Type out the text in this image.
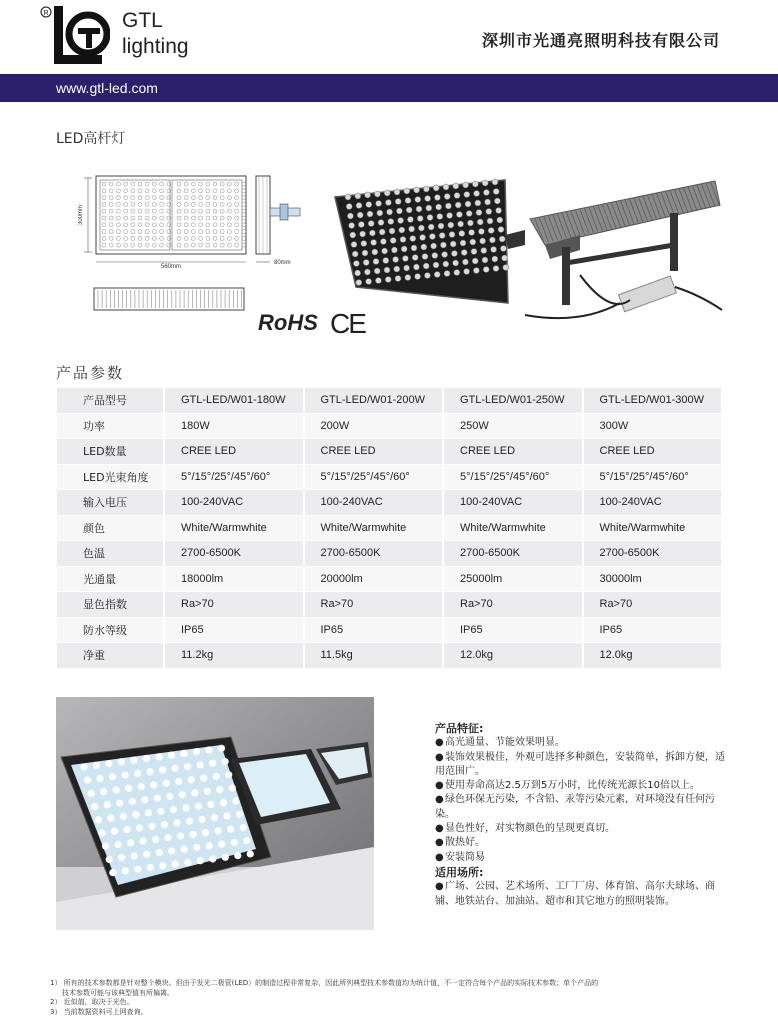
R	GTL
lighting	深圳市光通亮照明科技有限公司
www.gtl-led.com
LED高杆灯
300mm
560mm
80mm
RoHS CE
产品参数
产品型号	GTL-LED/W01-180W	GTL-LED/W01-200W	GTL-LED/W01-250W	GTL-LED/W01-300W
功率	180W	200W	250W	300W
LED数量	CREE LED	CREE LED	CREE LED	CREE LED
LED光束角度	5°/15°/25°/45°/60°	5°/15°/25°/45°/60°	5°/15°/25°/45°/60°	5°/15°/25°/45°/60°
输入电压	100-240VAC	100-240VAC	100-240VAC	100-240VAC
颜色	White/Warmwhite	White/Warmwhite	White/Warmwhite	White/Warmwhite
色温	2700-6500K	2700-6500K	2700-6500K	2700-6500K
光通量	18000lm	20000lm	25000lm	30000lm
显色指数	Ra>70	Ra>70	Ra>70	Ra>70
防水等级	IP65	IP65	IP65	IP65
净重	11.2kg	11.5kg	12.0kg	12.0kg

产品特征:

●高光通量、节能效果明显。

●装饰效果极佳，外观可选择多种颜色，安装简单，拆卸方便，适用范围广。

●使用寿命高达2.5万到5万小时，比传统光源长10倍以上。

●绿色环保无污染，不含铅、汞等污染元素，对环境没有任何污染。

●显色性好，对实物颜色的呈现更真切。

●散热好。

●安装简易

适用场所:

●广场、公园、艺术场所、工厂厂房、体育馆、高尔夫球场、商铺、地铁站台、加油站、超市和其它地方的照明装饰。

1） 所有的技术参数都是针对整个模块。但由于发光二极管(LED）的制造过程非常复杂，因此所列典型技术参数值均为统计值，不一定符合每个产品的实际技术参数；单个产品的

技术参数可能与该典型值有所偏离。

2） 近似值，取决于光色。

3） 当前数据资料可上网查询。
